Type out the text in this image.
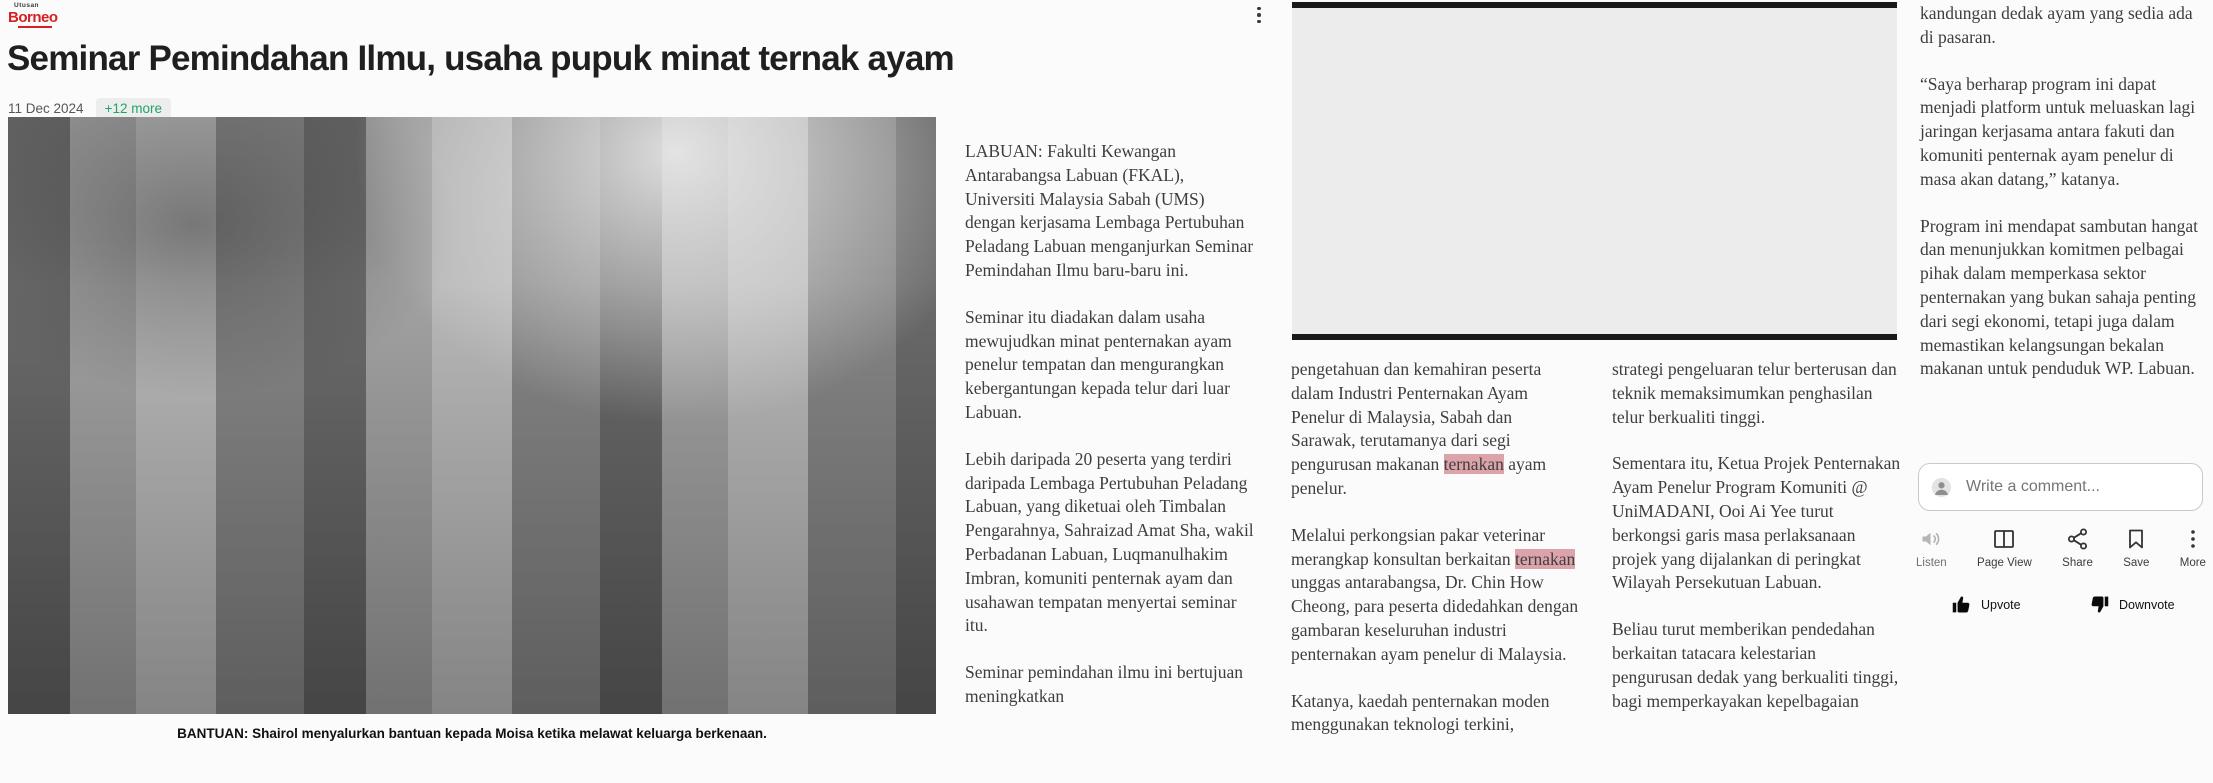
Utusan
Borneo
Seminar Pemindahan Ilmu, usaha pupuk minat ternak ayam
11 Dec 2024	+12 more
BANTUAN: Shairol menyalurkan bantuan kepada Moisa ketika melawat keluarga berkenaan.

LABUAN: Fakulti Kewangan Antarabangsa Labuan (FKAL), Universiti Malaysia Sabah (UMS) dengan kerjasama Lembaga Pertubuhan Peladang Labuan menganjurkan Seminar Pemindahan Ilmu baru-baru ini.

Seminar itu diadakan dalam usaha mewujudkan minat penternakan ayam penelur tempatan dan mengurangkan kebergantungan kepada telur dari luar Labuan.

Lebih daripada 20 peserta yang terdiri daripada Lembaga Pertubuhan Peladang Labuan, yang diketuai oleh Timbalan Pengarahnya, Sahraizad Amat Sha, wakil Perbadanan Labuan, Luqmanulhakim Imbran, komuniti penternak ayam dan usahawan tempatan menyertai seminar itu.

Seminar pemindahan ilmu ini bertujuan meningkatkan

pengetahuan dan kemahiran peserta dalam Industri Penternakan Ayam Penelur di Malaysia, Sabah dan Sarawak, terutamanya dari segi pengurusan makanan ternakan ayam penelur.

Melalui perkongsian pakar veterinar merangkap konsultan berkaitan ternakan unggas antarabangsa, Dr. Chin How Cheong, para peserta didedahkan dengan gambaran keseluruhan industri penternakan ayam penelur di Malaysia.

Katanya, kaedah penternakan moden menggunakan teknologi terkini,

strategi pengeluaran telur berterusan dan teknik memaksimumkan penghasilan telur berkualiti tinggi.

Sementara itu, Ketua Projek Penternakan Ayam Penelur Program Komuniti @ UniMADANI, Ooi Ai Yee turut berkongsi garis masa perlaksanaan projek yang dijalankan di peringkat Wilayah Persekutuan Labuan.

Beliau turut memberikan pendedahan berkaitan tatacara kelestarian pengurusan dedak yang berkualiti tinggi, bagi memperkayakan kepelbagaian

kandungan dedak ayam yang sedia ada di pasaran.

“Saya berharap program ini dapat menjadi platform untuk meluaskan lagi jaringan kerjasama antara fakuti dan komuniti penternak ayam penelur di masa akan datang,” katanya.

Program ini mendapat sambutan hangat dan menunjukkan komitmen pelbagai pihak dalam memperkasa sektor penternakan yang bukan sahaja penting dari segi ekonomi, tetapi juga dalam memastikan kelangsungan bekalan makanan untuk penduduk WP. Labuan.

Write a comment...
Listen	Page View	Share	Save	More
Upvote	Downvote
